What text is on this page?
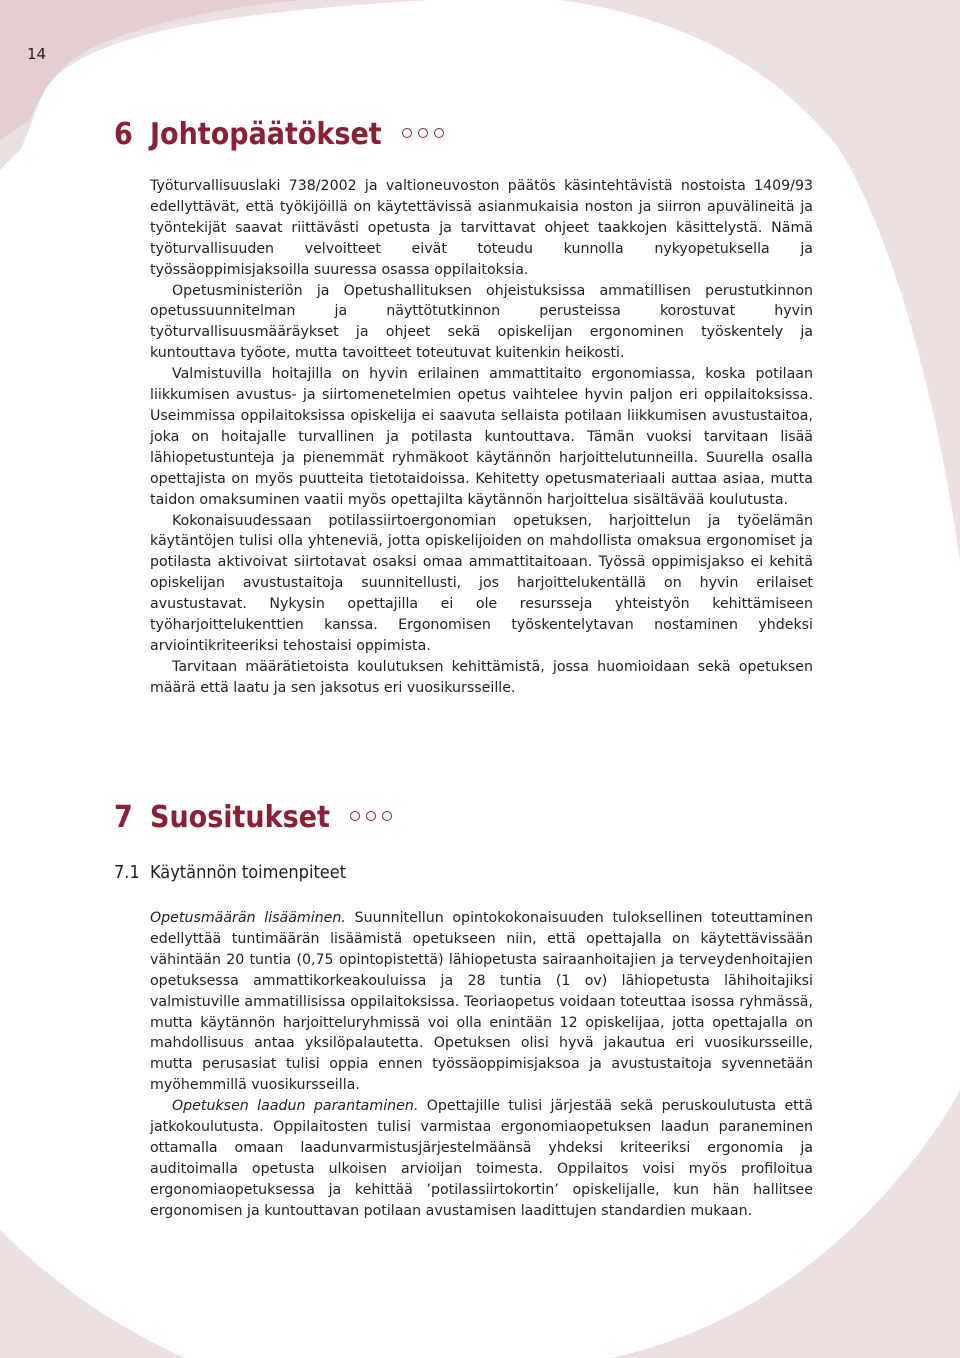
14
6 Johtopäätökset

Työturvallisuuslaki 738/2002 ja valtioneuvoston päätös käsintehtävistä nostoista 1409/93 edellyttävät, että työkijöillä on käytettävissä asianmukaisia noston ja siirron apuvälineitä ja työntekijät saavat riittävästi opetusta ja tarvittavat ohjeet taakkojen käsittelystä. Nämä työturvallisuuden velvoitteet eivät toteudu kunnolla nykyopetuksella ja työssäoppimisjaksoilla suuressa osassa oppilaitoksia.

Opetusministeriön ja Opetushallituksen ohjeistuksissa ammatillisen perustutkinnon opetussuunnitelman ja näyttötutkinnon perusteissa korostuvat hyvin työturvallisuusmääräykset ja ohjeet sekä opiskelijan ergonominen työskentely ja kuntouttava työote, mutta tavoitteet toteutuvat kuitenkin heikosti.

Valmistuvilla hoitajilla on hyvin erilainen ammattitaito ergonomiassa, koska potilaan liikkumisen avustus- ja siirtomenetelmien opetus vaihtelee hyvin paljon eri oppilaitoksissa. Useimmissa oppilaitoksissa opiskelija ei saavuta sellaista potilaan liikkumisen avustustaitoa, joka on hoitajalle turvallinen ja potilasta kuntouttava. Tämän vuoksi tarvitaan lisää lähiopetustunteja ja pienemmät ryhmäkoot käytännön harjoittelutunneilla. Suurella osalla opettajista on myös puutteita tietotaidoissa. Kehitetty opetusmateriaali auttaa asiaa, mutta taidon omaksuminen vaatii myös opettajilta käytännön harjoittelua sisältävää koulutusta.

Kokonaisuudessaan potilassiirtoergonomian opetuksen, harjoittelun ja työelämän käytäntöjen tulisi olla yhteneviä, jotta opiskelijoiden on mahdollista omaksua ergonomiset ja potilasta aktivoivat siirtotavat osaksi omaa ammattitaitoaan. Työssä oppimisjakso ei kehitä opiskelijan avustustaitoja suunnitellusti, jos harjoittelukentällä on hyvin erilaiset avustustavat. Nykysin opettajilla ei ole resursseja yhteistyön kehittämiseen työharjoittelukenttien kanssa. Ergonomisen työskentelytavan nostaminen yhdeksi arviointikriteeriksi tehostaisi oppimista.

Tarvitaan määrätietoista koulutuksen kehittämistä, jossa huomioidaan sekä opetuksen määrä että laatu ja sen jaksotus eri vuosikursseille.

7 Suositukset
7.1 Käytännön toimenpiteet

Opetusmäärän lisääminen. Suunnitellun opintokokonaisuuden tuloksellinen toteuttaminen edellyttää tuntimäärän lisäämistä opetukseen niin, että opettajalla on käytettävissään vähintään 20 tuntia (0,75 opintopistettä) lähiopetusta sairaanhoitajien ja terveydenhoitajien opetuksessa ammattikorkeakouluissa ja 28 tuntia (1 ov) lähiopetusta lähihoitajiksi valmistuville ammatillisissa oppilaitoksissa. Teoriaopetus voidaan toteuttaa isossa ryhmässä, mutta käytännön harjoitteluryhmissä voi olla enintään 12 opiskelijaa, jotta opettajalla on mahdollisuus antaa yksilöpalautetta. Opetuksen olisi hyvä jakautua eri vuosikursseille, mutta perusasiat tulisi oppia ennen työssäoppimisjaksoa ja avustustaitoja syvennetään myöhemmillä vuosikursseilla.

Opetuksen laadun parantaminen. Opettajille tulisi järjestää sekä peruskoulutusta että jatkokoulutusta. Oppilaitosten tulisi varmistaa ergonomiaopetuksen laadun paraneminen ottamalla omaan laadunvarmistusjärjestelmäänsä yhdeksi kriteeriksi ergonomia ja auditoimalla opetusta ulkoisen arvioijan toimesta. Oppilaitos voisi myös profiloitua ergonomiaopetuksessa ja kehittää ’potilassiirtokortin’ opiskelijalle, kun hän hallitsee ergonomisen ja kuntouttavan potilaan avustamisen laadittujen standardien mukaan.
